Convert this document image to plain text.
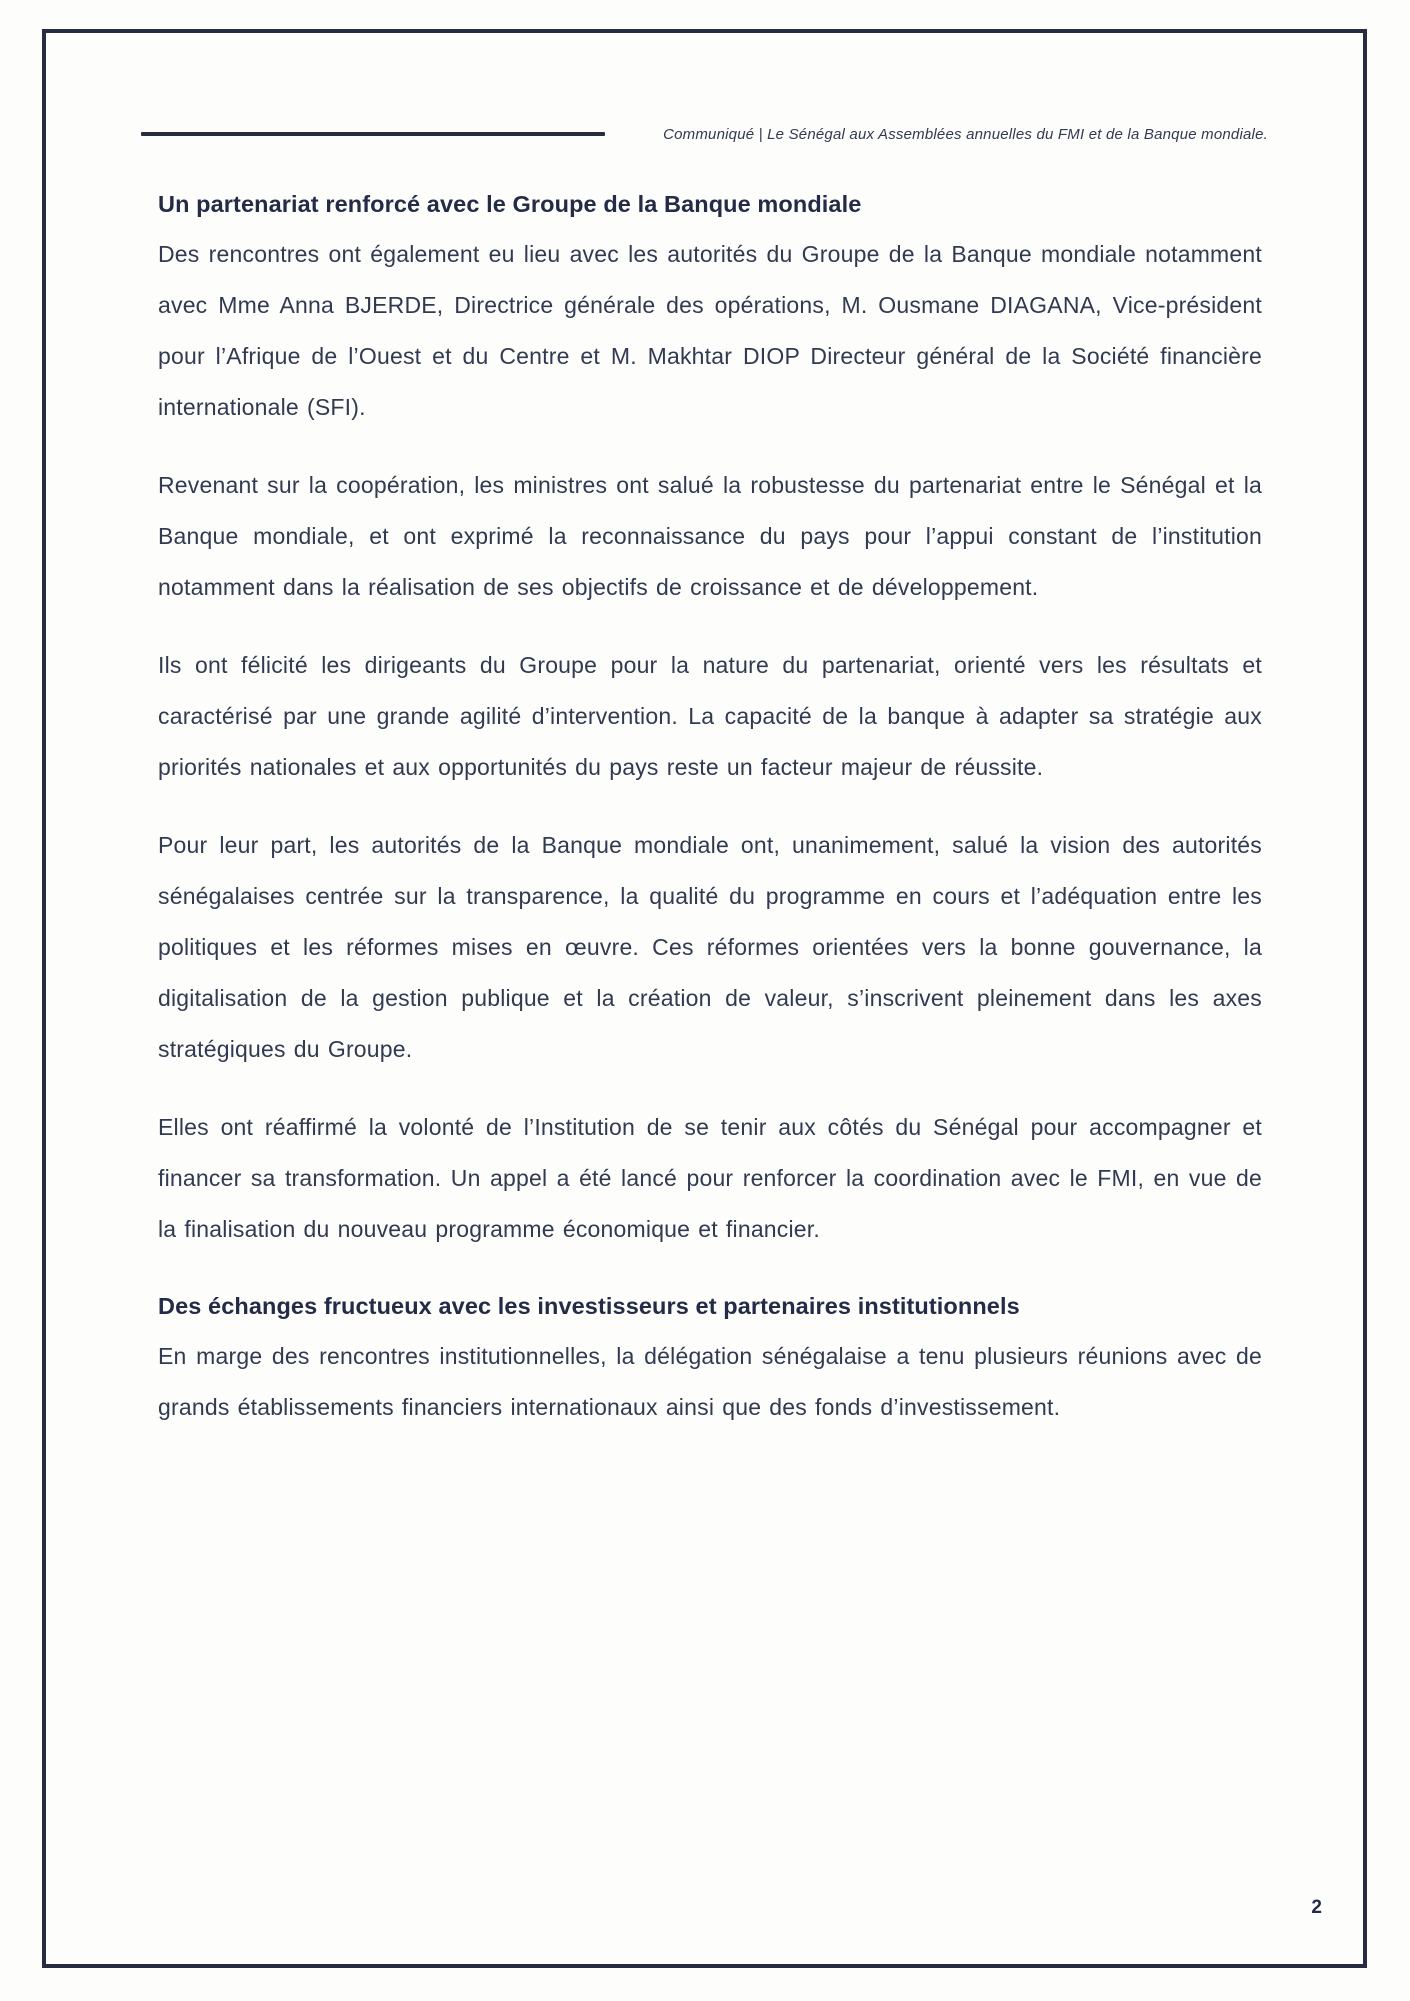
Communiqué | Le Sénégal aux Assemblées annuelles du FMI et de la Banque mondiale.
Un partenariat renforcé avec le Groupe de la Banque mondiale

Des rencontres ont également eu lieu avec les autorités du Groupe de la Banque mondiale notamment avec Mme Anna BJERDE, Directrice générale des opérations, M. Ousmane DIAGANA, Vice-président pour l’Afrique de l’Ouest et du Centre et M. Makhtar DIOP Directeur général de la Société financière internationale (SFI).

Revenant sur la coopération, les ministres ont salué la robustesse du partenariat entre le Sénégal et la Banque mondiale, et ont exprimé la reconnaissance du pays pour l’appui constant de l’institution notamment dans la réalisation de ses objectifs de croissance et de développement.

Ils ont félicité les dirigeants du Groupe pour la nature du partenariat, orienté vers les résultats et caractérisé par une grande agilité d’intervention. La capacité de la banque à adapter sa stratégie aux priorités nationales et aux opportunités du pays reste un facteur majeur de réussite.

Pour leur part, les autorités de la Banque mondiale ont, unanimement, salué la vision des autorités sénégalaises centrée sur la transparence, la qualité du programme en cours et l’adéquation entre les politiques et les réformes mises en œuvre. Ces réformes orientées vers la bonne gouvernance, la digitalisation de la gestion publique et la création de valeur, s’inscrivent pleinement dans les axes stratégiques du Groupe.

Elles ont réaffirmé la volonté de l’Institution de se tenir aux côtés du Sénégal pour accompagner et financer sa transformation. Un appel a été lancé pour renforcer la coordination avec le FMI, en vue de la finalisation du nouveau programme économique et financier.

Des échanges fructueux avec les investisseurs et partenaires institutionnels

En marge des rencontres institutionnelles, la délégation sénégalaise a tenu plusieurs réunions avec de grands établissements financiers internationaux ainsi que des fonds d’investissement.

2
